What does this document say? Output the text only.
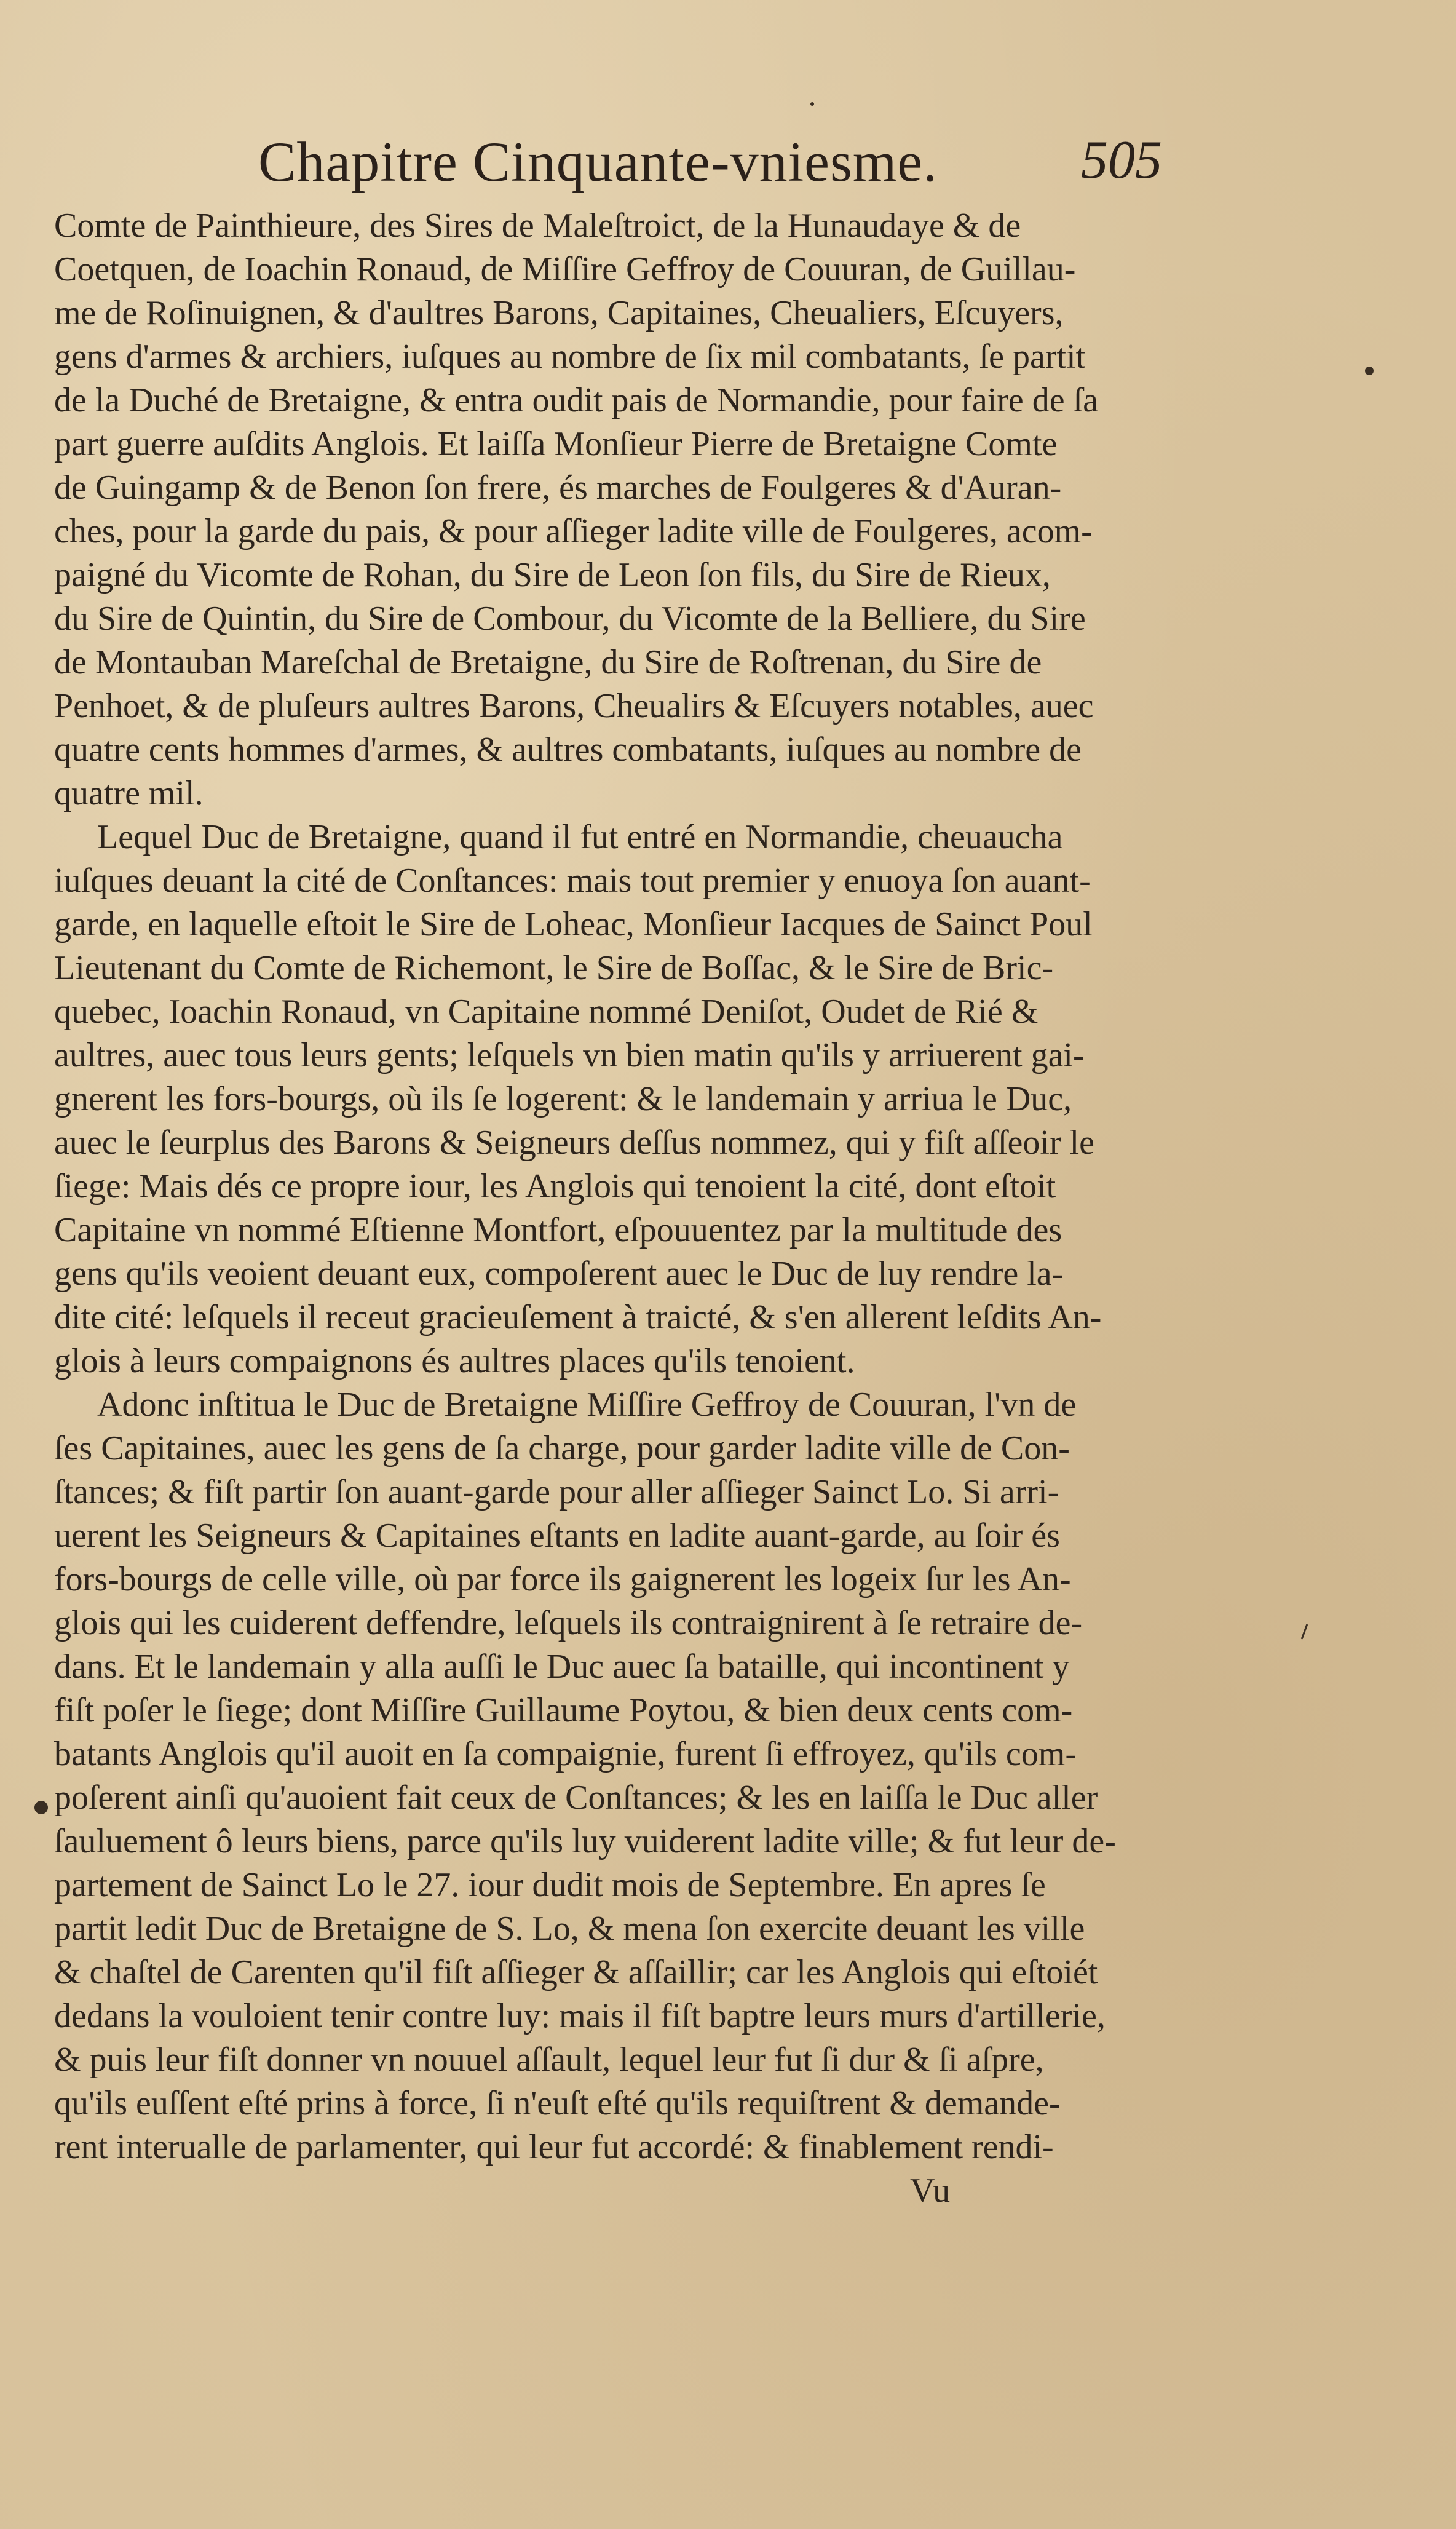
Chapitre Cinquante-vniesme.	505
Comte de Painthieure, des Sires de Maleſtroict, de la Hunaudaye & de
Coetquen, de Ioachin Ronaud, de Miſſire Geffroy de Couuran, de Guillau-
me de Roſinuignen, & d'aultres Barons, Capitaines, Cheualiers, Eſcuyers,
gens d'armes & archiers, iuſques au nombre de ſix mil combatants, ſe partit
de la Duché de Bretaigne, & entra oudit pais de Normandie, pour faire de ſa
part guerre auſdits Anglois. Et laiſſa Monſieur Pierre de Bretaigne Comte
de Guingamp & de Benon ſon frere, és marches de Foulgeres & d'Auran-
ches, pour la garde du pais, & pour aſſieger ladite ville de Foulgeres, acom-
paigné du Vicomte de Rohan, du Sire de Leon ſon fils, du Sire de Rieux,
du Sire de Quintin, du Sire de Combour, du Vicomte de la Belliere, du Sire
de Montauban Mareſchal de Bretaigne, du Sire de Roſtrenan, du Sire de
Penhoet, & de pluſeurs aultres Barons, Cheualirs & Eſcuyers notables, auec
quatre cents hommes d'armes, & aultres combatants, iuſques au nombre de
quatre mil.
Lequel Duc de Bretaigne, quand il fut entré en Normandie, cheuaucha
iuſques deuant la cité de Conſtances: mais tout premier y enuoya ſon auant-
garde, en laquelle eſtoit le Sire de Loheac, Monſieur Iacques de Sainct Poul
Lieutenant du Comte de Richemont, le Sire de Boſſac, & le Sire de Bric-
quebec, Ioachin Ronaud, vn Capitaine nommé Deniſot, Oudet de Rié &
aultres, auec tous leurs gents; leſquels vn bien matin qu'ils y arriuerent gai-
gnerent les fors-bourgs, où ils ſe logerent: & le landemain y arriua le Duc,
auec le ſeurplus des Barons & Seigneurs deſſus nommez, qui y fiſt aſſeoir le
ſiege: Mais dés ce propre iour, les Anglois qui tenoient la cité, dont eſtoit
Capitaine vn nommé Eſtienne Montfort, eſpouuentez par la multitude des
gens qu'ils veoient deuant eux, compoſerent auec le Duc de luy rendre la-
dite cité: leſquels il receut gracieuſement à traicté, & s'en allerent leſdits An-
glois à leurs compaignons és aultres places qu'ils tenoient.
Adonc inſtitua le Duc de Bretaigne Miſſire Geffroy de Couuran, l'vn de
ſes Capitaines, auec les gens de ſa charge, pour garder ladite ville de Con-
ſtances; & fiſt partir ſon auant-garde pour aller aſſieger Sainct Lo. Si arri-
uerent les Seigneurs & Capitaines eſtants en ladite auant-garde, au ſoir és
fors-bourgs de celle ville, où par force ils gaignerent les logeix ſur les An-
glois qui les cuiderent deffendre, leſquels ils contraignirent à ſe retraire de-
dans. Et le landemain y alla auſſi le Duc auec ſa bataille, qui incontinent y
fiſt poſer le ſiege; dont Miſſire Guillaume Poytou, & bien deux cents com-
batants Anglois qu'il auoit en ſa compaignie, furent ſi effroyez, qu'ils com-
poſerent ainſi qu'auoient fait ceux de Conſtances; & les en laiſſa le Duc aller
ſauluement ô leurs biens, parce qu'ils luy vuiderent ladite ville; & fut leur de-
partement de Sainct Lo le 27. iour dudit mois de Septembre. En apres ſe
partit ledit Duc de Bretaigne de S. Lo, & mena ſon exercite deuant les ville
& chaſtel de Carenten qu'il fiſt aſſieger & aſſaillir; car les Anglois qui eſtoiét
dedans la vouloient tenir contre luy: mais il fiſt baptre leurs murs d'artillerie,
& puis leur fiſt donner vn nouuel aſſault, lequel leur fut ſi dur & ſi aſpre,
qu'ils euſſent eſté prins à force, ſi n'euſt eſté qu'ils requiſtrent & demande-
rent interualle de parlamenter, qui leur fut accordé: & finablement rendi-
Vu
